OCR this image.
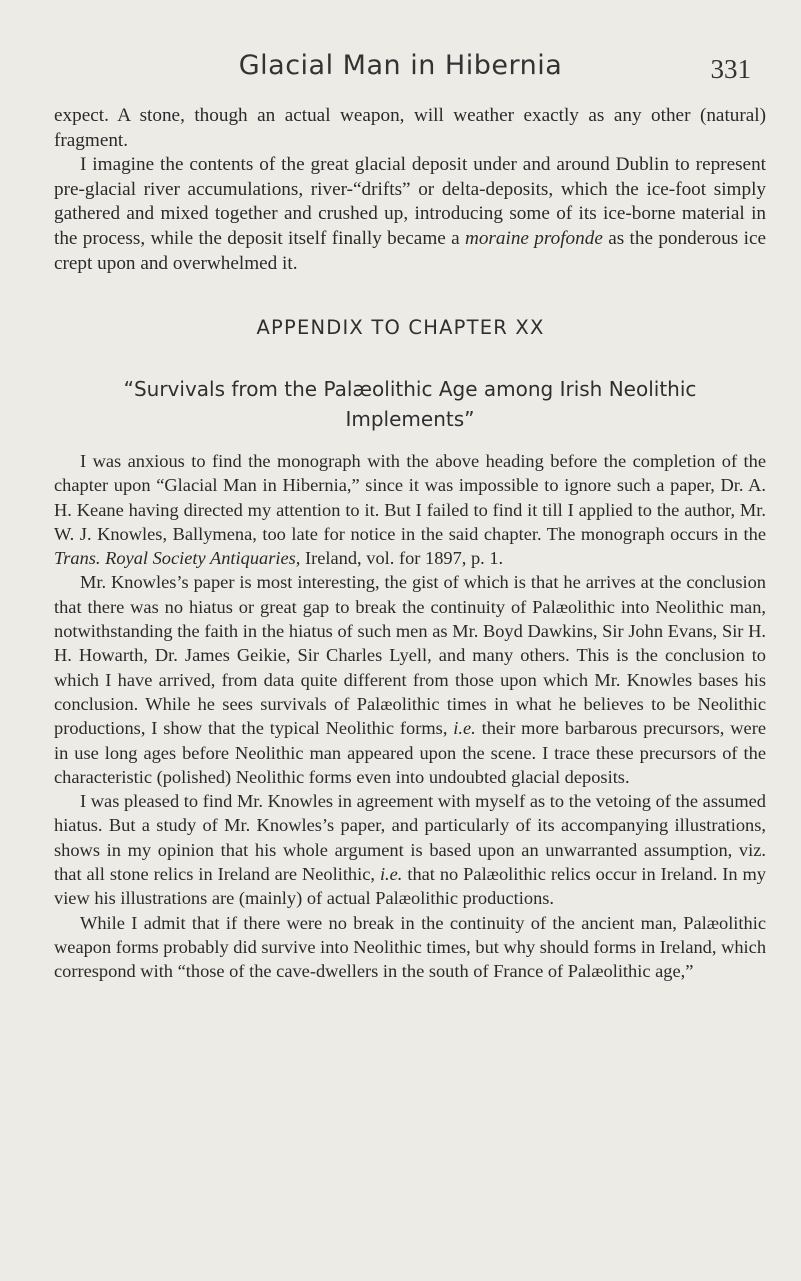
Glacial Man in Hibernia	331

expect. A stone, though an actual weapon, will weather exactly as any other (natural) fragment.

I imagine the contents of the great glacial deposit under and around Dublin to represent pre-glacial river accumulations, river-“drifts” or delta-deposits, which the ice-foot simply gathered and mixed together and crushed up, introducing some of its ice-borne material in the process, while the deposit itself finally became a moraine profonde as the ponderous ice crept upon and overwhelmed it.

APPENDIX TO CHAPTER XX
“Survivals from the Palæolithic Age among Irish Neolithic Implements”

I was anxious to find the monograph with the above heading before the completion of the chapter upon “Glacial Man in Hibernia,” since it was impossible to ignore such a paper, Dr. A. H. Keane having directed my attention to it. But I failed to find it till I applied to the author, Mr. W. J. Knowles, Ballymena, too late for notice in the said chapter. The monograph occurs in the Trans. Royal Society Antiquaries, Ireland, vol. for 1897, p. 1.

Mr. Knowles’s paper is most interesting, the gist of which is that he arrives at the conclusion that there was no hiatus or great gap to break the continuity of Palæolithic into Neolithic man, notwithstanding the faith in the hiatus of such men as Mr. Boyd Dawkins, Sir John Evans, Sir H. H. Howarth, Dr. James Geikie, Sir Charles Lyell, and many others. This is the conclusion to which I have arrived, from data quite different from those upon which Mr. Knowles bases his conclusion. While he sees survivals of Palæolithic times in what he believes to be Neolithic productions, I show that the typical Neolithic forms, i.e. their more barbarous precursors, were in use long ages before Neolithic man appeared upon the scene. I trace these precursors of the characteristic (polished) Neolithic forms even into undoubted glacial deposits.

I was pleased to find Mr. Knowles in agreement with myself as to the vetoing of the assumed hiatus. But a study of Mr. Knowles’s paper, and particularly of its accompanying illustrations, shows in my opinion that his whole argument is based upon an unwarranted assumption, viz. that all stone relics in Ireland are Neolithic, i.e. that no Palæolithic relics occur in Ireland. In my view his illustrations are (mainly) of actual Palæolithic productions.

While I admit that if there were no break in the continuity of the ancient man, Palæolithic weapon forms probably did survive into Neolithic times, but why should forms in Ireland, which correspond with “those of the cave-dwellers in the south of France of Palæolithic age,”
